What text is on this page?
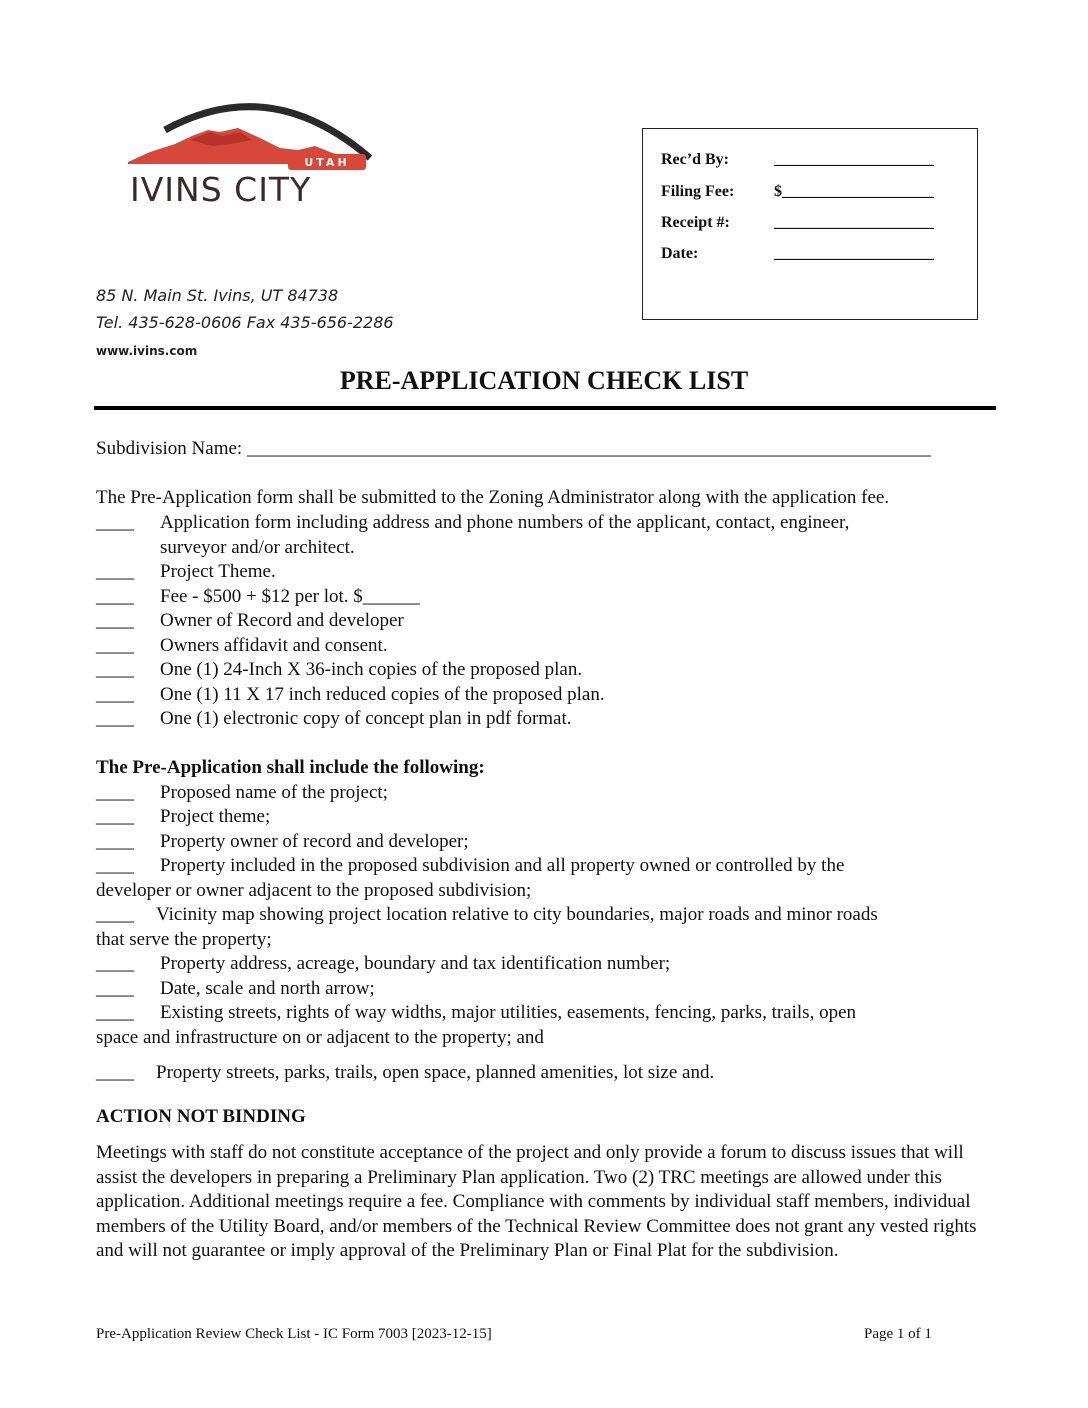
UTAH
IVINS CITY
85 N. Main St. Ivins, UT 84738
Tel. 435-628-0606 Fax 435-656-2286
www.ivins.com
Rec’d By:	____________________
Filing Fee: $___________________
Receipt #:	____________________
Date:	____________________
PRE-APPLICATION CHECK LIST
Subdivision Name: ________________________________________________________________________
The Pre-Application form shall be submitted to the Zoning Administrator along with the application fee.
____ Application form including address and phone numbers of the applicant, contact, engineer,
surveyor and/or architect.
____ Project Theme.
____ Fee - $500 + $12 per lot. $______
____ Owner of Record and developer
____ Owners affidavit and consent.
____ One (1) 24-Inch X 36-inch copies of the proposed plan.
____ One (1) 11 X 17 inch reduced copies of the proposed plan.
____ One (1) electronic copy of concept plan in pdf format.
The Pre-Application shall include the following:
____ Proposed name of the project;
____ Project theme;
____ Property owner of record and developer;
____ Property included in the proposed subdivision and all property owned or controlled by the
developer or owner adjacent to the proposed subdivision;
____ Vicinity map showing project location relative to city boundaries, major roads and minor roads
that serve the property;
____ Property address, acreage, boundary and tax identification number;
____ Date, scale and north arrow;
____ Existing streets, rights of way widths, major utilities, easements, fencing, parks, trails, open
space and infrastructure on or adjacent to the property; and
____ Property streets, parks, trails, open space, planned amenities, lot size and.
ACTION NOT BINDING
Meetings with staff do not constitute acceptance of the project and only provide a forum to discuss issues that will assist the developers in preparing a Preliminary Plan application. Two (2) TRC meetings are allowed under this application. Additional meetings require a fee. Compliance with comments by individual staff members, individual members of the Utility Board, and/or members of the Technical Review Committee does not grant any vested rights and will not guarantee or imply approval of the Preliminary Plan or Final Plat for the subdivision.
Pre-Application Review Check List - IC Form 7003 [2023-12-15]	Page 1 of 1
